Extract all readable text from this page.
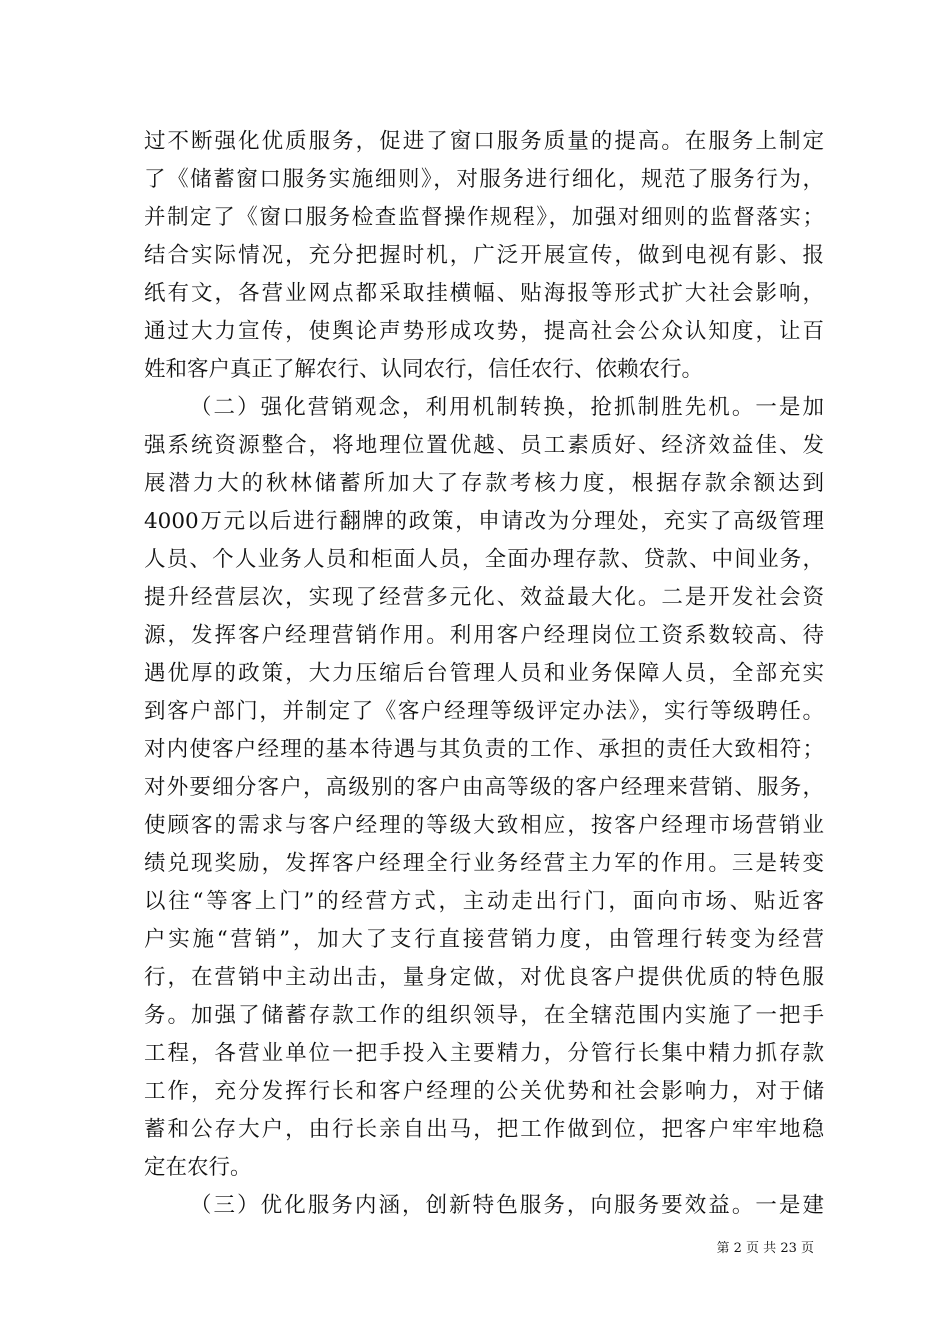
过不断强化优质服务，促进了窗口服务质量的提高。在服务上制定
了《储蓄窗口服务实施细则》，对服务进行细化，规范了服务行为，
并制定了《窗口服务检查监督操作规程》，加强对细则的监督落实；
结合实际情况，充分把握时机，广泛开展宣传，做到电视有影、报
纸有文，各营业网点都采取挂横幅、贴海报等形式扩大社会影响，
通过大力宣传，使舆论声势形成攻势，提高社会公众认知度，让百
姓和客户真正了解农行、认同农行，信任农行、依赖农行。
（二）强化营销观念，利用机制转换，抢抓制胜先机。一是加
强系统资源整合，将地理位置优越、员工素质好、经济效益佳、发
展潜力大的秋林储蓄所加大了存款考核力度，根据存款余额达到
4000万元以后进行翻牌的政策，申请改为分理处，充实了高级管理
人员、个人业务人员和柜面人员，全面办理存款、贷款、中间业务，
提升经营层次，实现了经营多元化、效益最大化。二是开发社会资
源，发挥客户经理营销作用。利用客户经理岗位工资系数较高、待
遇优厚的政策，大力压缩后台管理人员和业务保障人员，全部充实
到客户部门，并制定了《客户经理等级评定办法》，实行等级聘任。
对内使客户经理的基本待遇与其负责的工作、承担的责任大致相符；
对外要细分客户，高级别的客户由高等级的客户经理来营销、服务，
使顾客的需求与客户经理的等级大致相应，按客户经理市场营销业
绩兑现奖励，发挥客户经理全行业务经营主力军的作用。三是转变
以往“等客上门”的经营方式，主动走出行门，面向市场、贴近客
户实施“营销”，加大了支行直接营销力度，由管理行转变为经营
行，在营销中主动出击，量身定做，对优良客户提供优质的特色服
务。加强了储蓄存款工作的组织领导，在全辖范围内实施了一把手
工程，各营业单位一把手投入主要精力，分管行长集中精力抓存款
工作，充分发挥行长和客户经理的公关优势和社会影响力，对于储
蓄和公存大户，由行长亲自出马，把工作做到位，把客户牢牢地稳
定在农行。
（三）优化服务内涵，创新特色服务，向服务要效益。一是建
第 2 页 共 23 页
